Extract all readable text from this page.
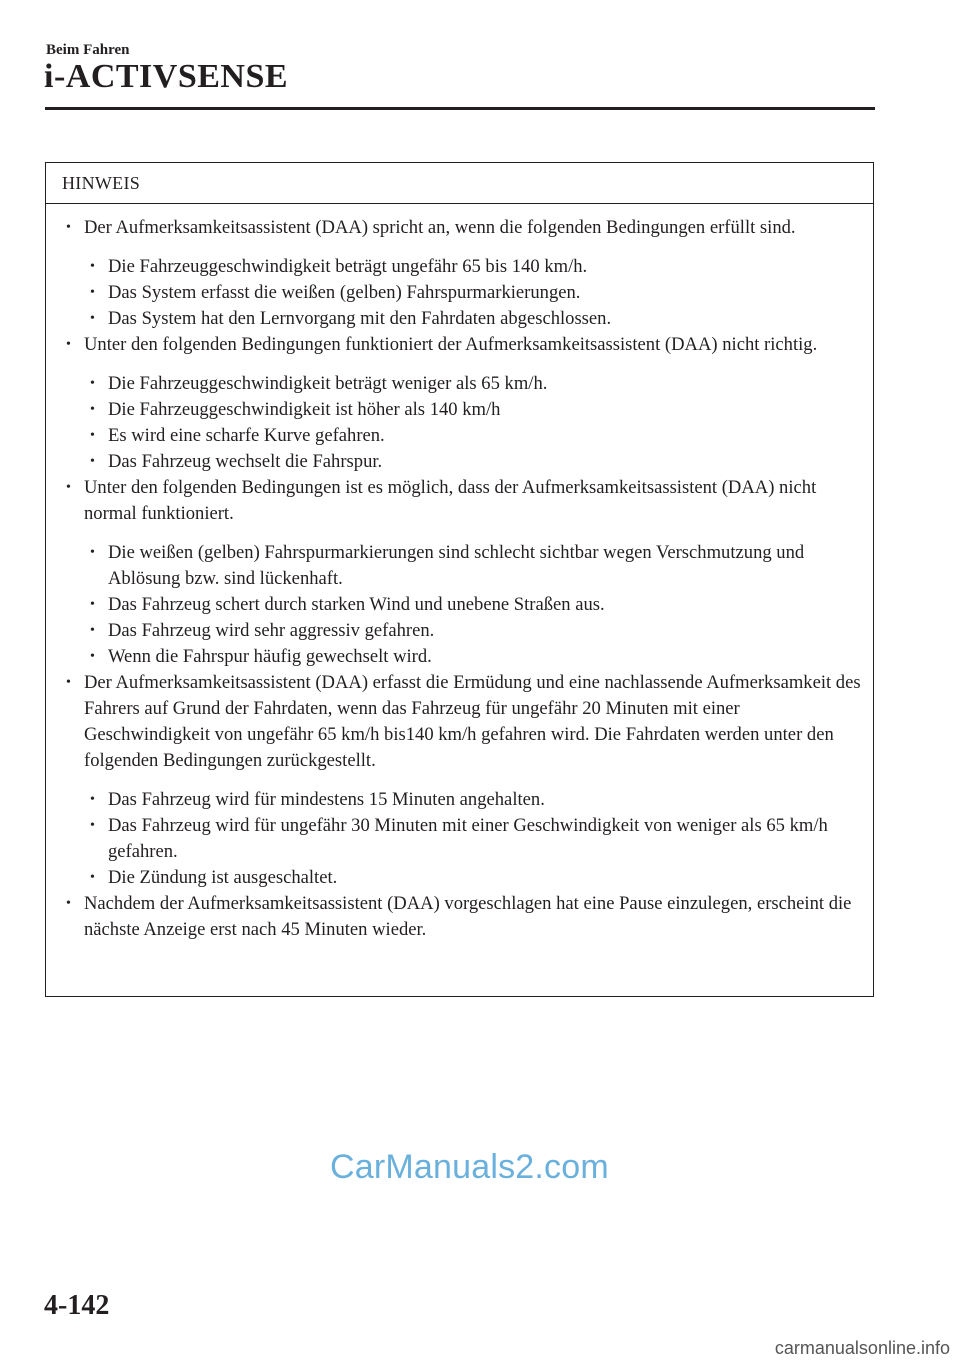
Beim Fahren
i-ACTIVSENSE
HINWEIS
• Der Aufmerksamkeitsassistent (DAA) spricht an, wenn die folgenden Bedingungen erfüllt sind.
• Die Fahrzeuggeschwindigkeit beträgt ungefähr 65 bis 140 km/h.
• Das System erfasst die weißen (gelben) Fahrspurmarkierungen.
• Das System hat den Lernvorgang mit den Fahrdaten abgeschlossen.
• Unter den folgenden Bedingungen funktioniert der Aufmerksamkeitsassistent (DAA) nicht richtig.
• Die Fahrzeuggeschwindigkeit beträgt weniger als 65 km/h.
• Die Fahrzeuggeschwindigkeit ist höher als 140 km/h
• Es wird eine scharfe Kurve gefahren.
• Das Fahrzeug wechselt die Fahrspur.
• Unter den folgenden Bedingungen ist es möglich, dass der Aufmerksamkeitsassistent (DAA) nicht normal funktioniert.
• Die weißen (gelben) Fahrspurmarkierungen sind schlecht sichtbar wegen Verschmutzung und Ablösung bzw. sind lückenhaft.
• Das Fahrzeug schert durch starken Wind und unebene Straßen aus.
• Das Fahrzeug wird sehr aggressiv gefahren.
• Wenn die Fahrspur häufig gewechselt wird.
• Der Aufmerksamkeitsassistent (DAA) erfasst die Ermüdung und eine nachlassende Aufmerksamkeit des Fahrers auf Grund der Fahrdaten, wenn das Fahrzeug für ungefähr 20 Minuten mit einer Geschwindigkeit von ungefähr 65 km/h bis140 km/h gefahren wird. Die Fahrdaten werden unter den folgenden Bedingungen zurückgestellt.
• Das Fahrzeug wird für mindestens 15 Minuten angehalten.
• Das Fahrzeug wird für ungefähr 30 Minuten mit einer Geschwindigkeit von weniger als 65 km/h gefahren.
• Die Zündung ist ausgeschaltet.
• Nachdem der Aufmerksamkeitsassistent (DAA) vorgeschlagen hat eine Pause einzulegen, erscheint die nächste Anzeige erst nach 45 Minuten wieder.
CarManuals2.com
4-142
carmanualsonline.info
